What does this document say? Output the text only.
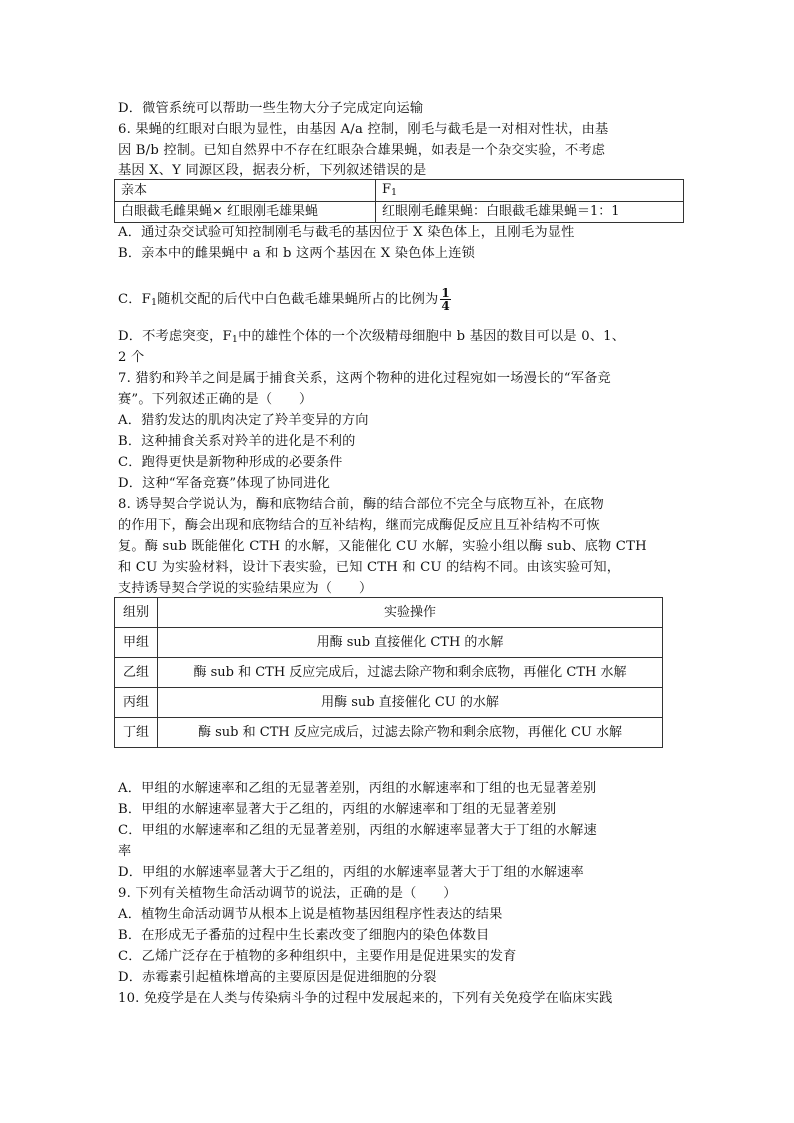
D．微管系统可以帮助一些生物大分子完成定向运输
6. 果蝇的红眼对白眼为显性，由基因 A/a 控制，刚毛与截毛是一对相对性状，由基
因 B/b 控制。已知自然界中不存在红眼杂合雄果蝇，如表是一个杂交实验，不考虑
基因 X、Y 同源区段，据表分析，下列叙述错误的是
亲本	F1
白眼截毛雌果蝇× 红眼刚毛雄果蝇	红眼刚毛雌果蝇：白眼截毛雄果蝇＝1：1
A．通过杂交试验可知控制刚毛与截毛的基因位于 X 染色体上，且刚毛为显性
B．亲本中的雌果蝇中 a 和 b 这两个基因在 X 染色体上连锁
C．F1随机交配的后代中白色截毛雄果蝇所占的比例为 $\frac{1}{4}$
D．不考虑突变，F1中的雄性个体的一个次级精母细胞中 b 基因的数目可以是 0、1、
2 个
7. 猎豹和羚羊之间是属于捕食关系，这两个物种的进化过程宛如一场漫长的“军备竞
赛”。下列叙述正确的是（　　）
A．猎豹发达的肌肉决定了羚羊变异的方向
B．这种捕食关系对羚羊的进化是不利的
C．跑得更快是新物种形成的必要条件
D．这种“军备竞赛”体现了协同进化
8. 诱导契合学说认为，酶和底物结合前，酶的结合部位不完全与底物互补，在底物
的作用下，酶会出现和底物结合的互补结构，继而完成酶促反应且互补结构不可恢
复。酶 sub 既能催化 CTH 的水解，又能催化 CU 水解，实验小组以酶 sub、底物 CTH
和 CU 为实验材料，设计下表实验，已知 CTH 和 CU 的结构不同。由该实验可知，
支持诱导契合学说的实验结果应为（　　）
组别	实验操作
甲组	用酶 sub 直接催化 CTH 的水解
乙组	酶 sub 和 CTH 反应完成后，过滤去除产物和剩余底物，再催化 CTH 水解
丙组	用酶 sub 直接催化 CU 的水解
丁组	酶 sub 和 CTH 反应完成后，过滤去除产物和剩余底物，再催化 CU 水解
A．甲组的水解速率和乙组的无显著差别，丙组的水解速率和丁组的也无显著差别
B．甲组的水解速率显著大于乙组的，丙组的水解速率和丁组的无显著差别
C．甲组的水解速率和乙组的无显著差别，丙组的水解速率显著大于丁组的水解速
率
D．甲组的水解速率显著大于乙组的，丙组的水解速率显著大于丁组的水解速率
9. 下列有关植物生命活动调节的说法，正确的是（　　）
A．植物生命活动调节从根本上说是植物基因组程序性表达的结果
B．在形成无子番茄的过程中生长素改变了细胞内的染色体数目
C．乙烯广泛存在于植物的多种组织中，主要作用是促进果实的发育
D．赤霉素引起植株增高的主要原因是促进细胞的分裂
10. 免疫学是在人类与传染病斗争的过程中发展起来的，下列有关免疫学在临床实践
